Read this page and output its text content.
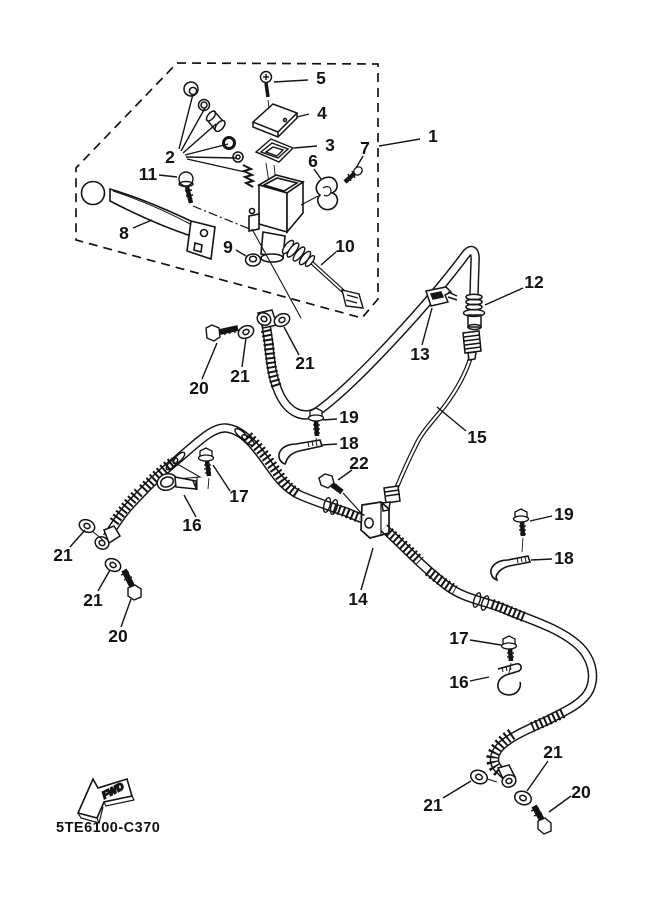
FWD
5TE6100-C370
1
2
3
4
5
6
7
8
9	10
11
12
13
14
15
16
16
17
17
18
18
19
19
20
20
20
21
21
21
21
21
21
22
